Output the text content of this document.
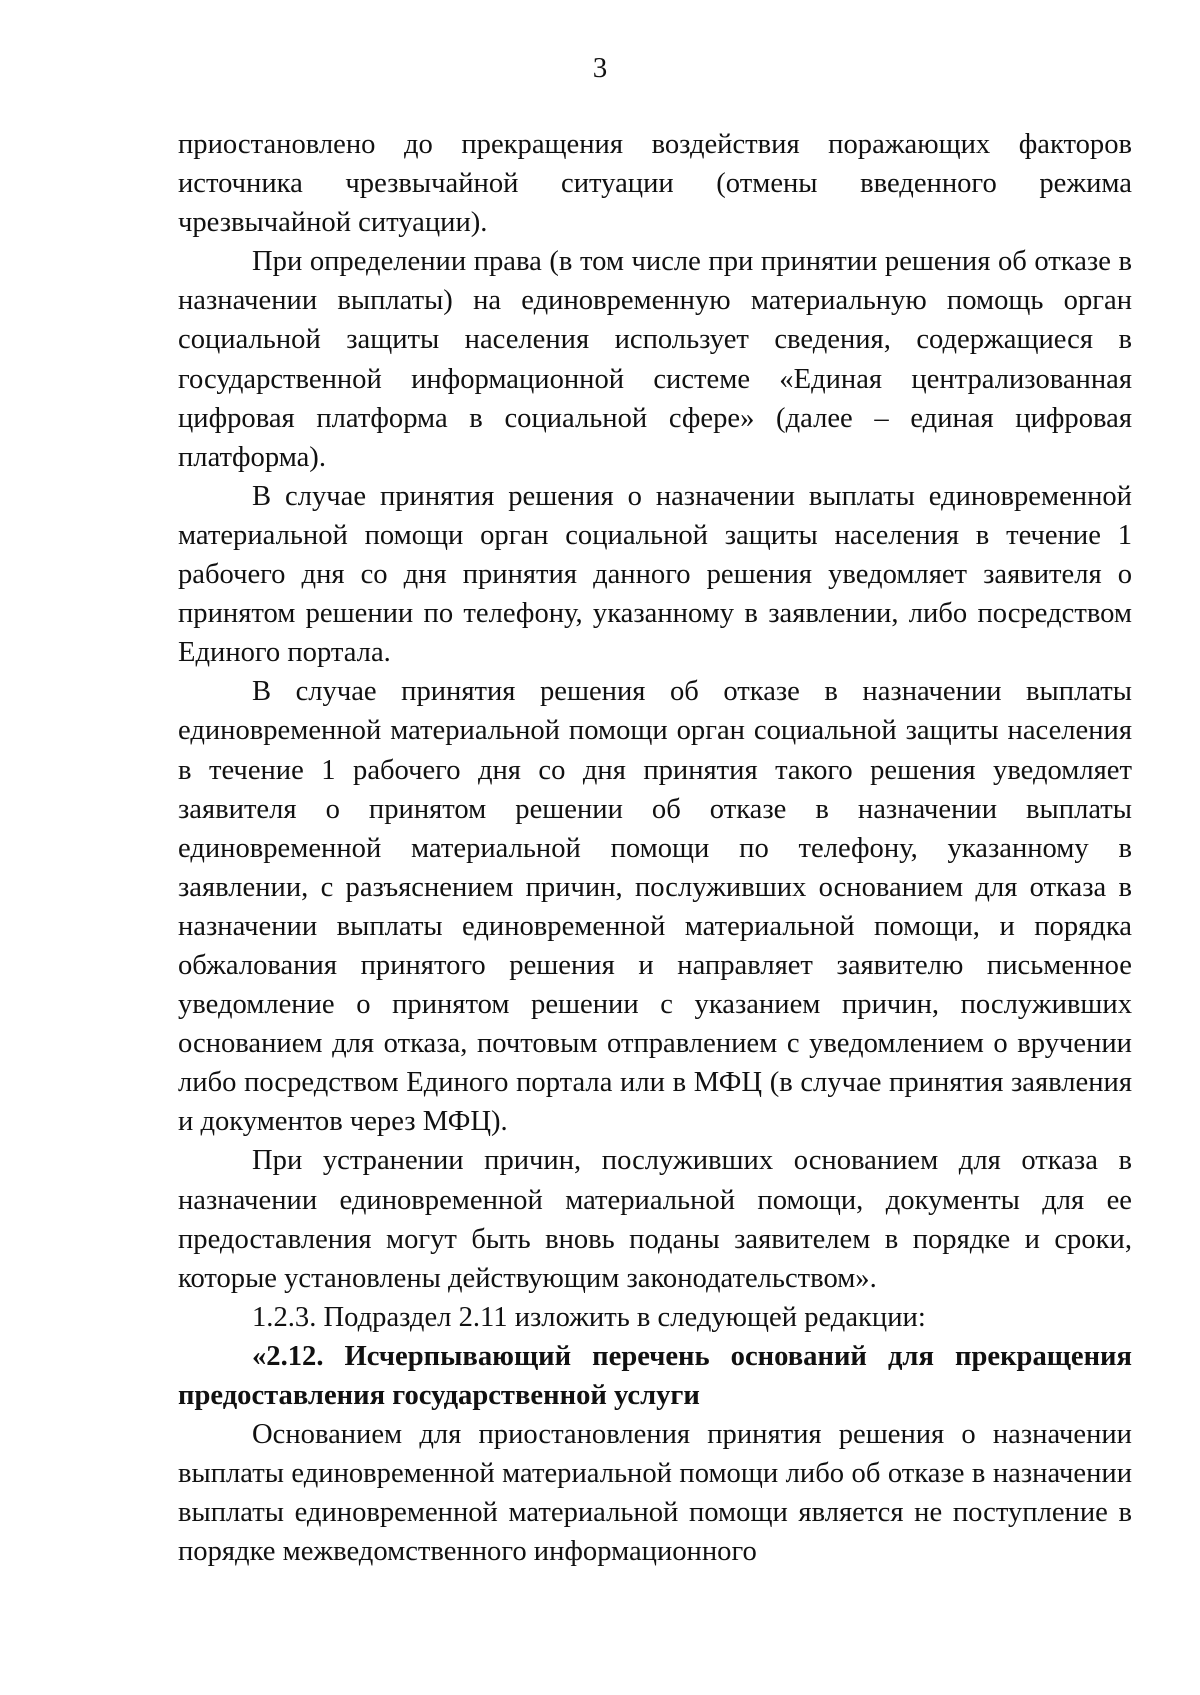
3

приостановлено до прекращения воздействия поражающих факторов источника чрезвычайной ситуации (отмены введенного режима чрезвычайной ситуации).

При определении права (в том числе при принятии решения об отказе в назначении выплаты) на единовременную материальную помощь орган социальной защиты населения использует сведения, содержащиеся в государственной информационной системе «Единая централизованная цифровая платформа в социальной сфере» (далее – единая цифровая платформа).

В случае принятия решения о назначении выплаты единовременной материальной помощи орган социальной защиты населения в течение 1 рабочего дня со дня принятия данного решения уведомляет заявителя о принятом решении по телефону, указанному в заявлении, либо посредством Единого портала.

В случае принятия решения об отказе в назначении выплаты единовременной материальной помощи орган социальной защиты населения в течение 1 рабочего дня со дня принятия такого решения уведомляет заявителя о принятом решении об отказе в назначении выплаты единовременной материальной помощи по телефону, указанному в заявлении, с разъяснением причин, послуживших основанием для отказа в назначении выплаты единовременной материальной помощи, и порядка обжалования принятого решения и направляет заявителю письменное уведомление о принятом решении с указанием причин, послуживших основанием для отказа, почтовым отправлением с уведомлением о вручении либо посредством Единого портала или в МФЦ (в случае принятия заявления и документов через МФЦ).

При устранении причин, послуживших основанием для отказа в назначении единовременной материальной помощи, документы для ее предоставления могут быть вновь поданы заявителем в порядке и сроки, которые установлены действующим законодательством».

1.2.3. Подраздел 2.11 изложить в следующей редакции:

«2.12. Исчерпывающий перечень оснований для прекращения предоставления государственной услуги

Основанием для приостановления принятия решения о назначении выплаты единовременной материальной помощи либо об отказе в назначении выплаты единовременной материальной помощи является не поступление в порядке межведомственного информационного
